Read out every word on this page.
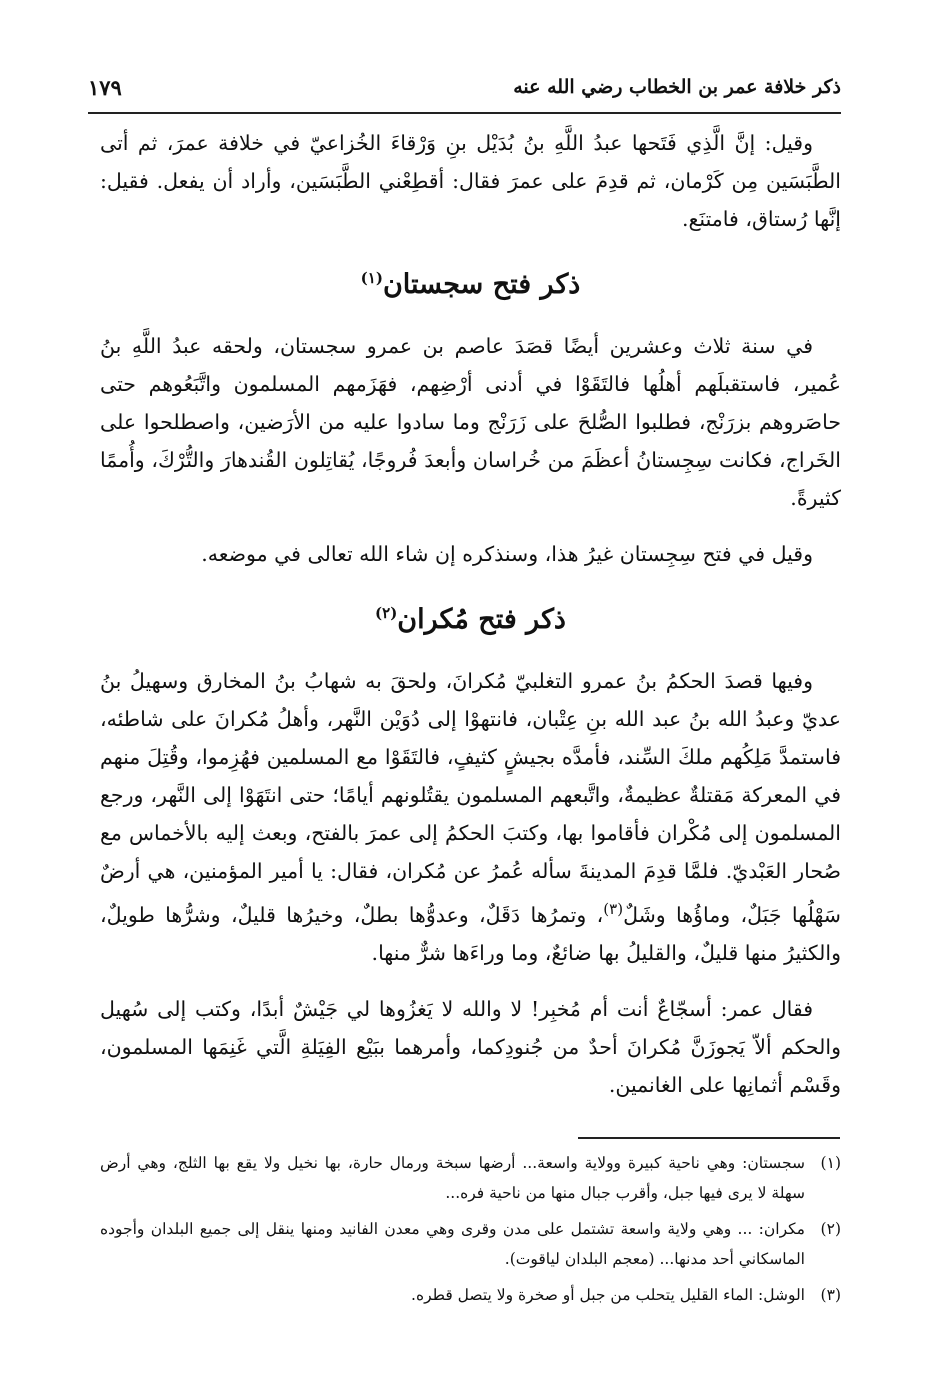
ذكر خلافة عمر بن الخطاب رضي الله عنه
١٧٩

وقيل: إنَّ الَّذِي فَتَحها عبدُ اللَّهِ بنُ بُدَيْل بنِ وَرْقاءَ الخُزاعيّ في خلافة عمرَ، ثم أتى الطَّبَسَين مِن كَرْمان، ثم قدِمَ على عمرَ فقال: أقطِعْني الطَّبَسَين، وأراد أن يفعل. فقيل: إنَّها رُستاق، فامتنَع.

ذكر فتح سجستان$^{(١)}$

في سنة ثلاث وعشرين أيضًا قصَدَ عاصم بن عمرو سجستان، ولحقه عبدُ اللَّهِ بنُ عُمير، فاستقبلَهم أهلُها فالتَقَوْا في أدنى أرْضِهم، فهَزَمهم المسلمون واتَّبَعُوهم حتى حاصَروهم بزرَنْج، فطلبوا الصُّلحَ على زَرَنْج وما سادوا عليه من الأرَضين، واصطلحوا على الخَراج، فكانت سِجِستانُ أعظَمَ من خُراسان وأبعدَ فُروجًا، يُقاتِلون القُندهارَ والتُّرْكَ، وأُممًا كثيرةً.

وقيل في فتح سِجِستان غيرُ هذا، وسنذكره إن شاء الله تعالى في موضعه.

ذكر فتح مُكران$^{(٢)}$

وفيها قصدَ الحكمُ بنُ عمرو التغلبيّ مُكرانَ، ولحقَ به شهابُ بنُ المخارق وسهيلُ بنُ عديّ وعبدُ الله بنُ عبد الله بنِ عِتْبان، فانتهوْا إلى دُوَيْن النَّهر، وأهلُ مُكرانَ على شاطئه، فاستمدَّ مَلِكُهم ملكَ السِّند، فأمدَّه بجيشٍ كثيفٍ، فالتَقَوْا مع المسلمين فهُزِموا، وقُتِلَ منهم في المعركة مَقتلةٌ عظيمةٌ، واتَّبعهم المسلمون يقتُلونهم أيامًا؛ حتى انتَهَوْا إلى النَّهر، ورجع المسلمون إلى مُكْران فأقاموا بها، وكتبَ الحكمُ إلى عمرَ بالفتح، وبعث إليه بالأخماس مع صُحار العَبْديّ. فلمَّا قدِمَ المدينةَ سأله عُمرُ عن مُكران، فقال: يا أمير المؤمنين، هي أرضٌ سَهْلُها جَبَلٌ، وماؤُها وشَلٌ$^{(٣)}$، وتمرُها دَقَلٌ، وعدوُّها بطلٌ، وخيرُها قليلٌ، وشرُّها طويلٌ، والكثيرُ منها قليلٌ، والقليلُ بها ضائعٌ، وما وراءَها شرٌّ منها.

فقال عمر: أسجّاعٌ أنت أم مُخبِر! لا والله لا يَغزُوها لي جَيْشٌ أبدًا، وكتب إلى سُهيل والحكم ألاّ يَجوزَنَّ مُكرانَ أحدٌ من جُنودِكما، وأمرهما ببَيْع الفِيَلةِ الَّتي غَنِمَها المسلمون، وقَسْم أثمانِها على الغانمين.

(١)
سجستان: وهي ناحية كبيرة وولاية واسعة... أرضها سبخة ورمال حارة، بها نخيل ولا يقع بها الثلج، وهي أرض سهلة لا يرى فيها جبل، وأقرب جبال منها من ناحية فره...
(٢)
مكران: ... وهي ولاية واسعة تشتمل على مدن وقرى وهي معدن الفانيد ومنها ينقل إلى جميع البلدان وأجوده الماسكاني أحد مدنها... (معجم البلدان لياقوت).
(٣)
الوشل: الماء القليل يتحلب من جبل أو صخرة ولا يتصل قطره.
